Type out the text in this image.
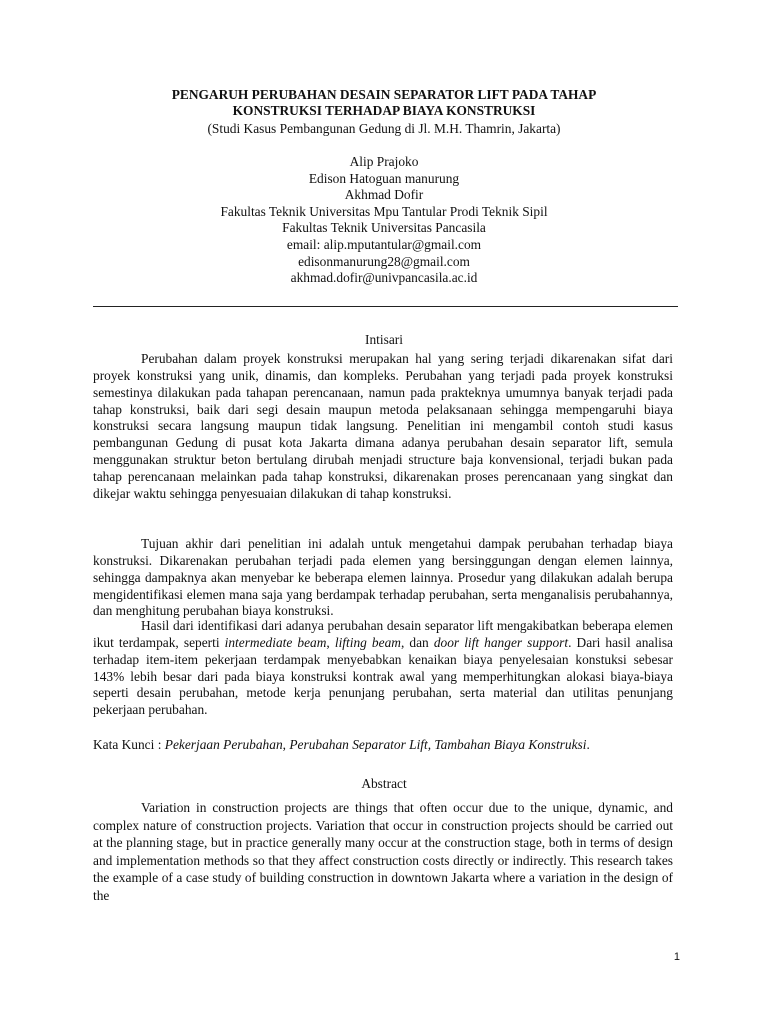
PENGARUH PERUBAHAN DESAIN SEPARATOR LIFT PADA TAHAP
KONSTRUKSI TERHADAP BIAYA KONSTRUKSI
(Studi Kasus Pembangunan Gedung di Jl. M.H. Thamrin, Jakarta)
Alip Prajoko
Edison Hatoguan manurung
Akhmad Dofir
Fakultas Teknik Universitas Mpu Tantular Prodi Teknik Sipil
Fakultas Teknik Universitas Pancasila
email: alip.mputantular@gmail.com
edisonmanurung28@gmail.com
akhmad.dofir@univpancasila.ac.id
Intisari
Perubahan dalam proyek konstruksi merupakan hal yang sering terjadi dikarenakan sifat dari proyek konstruksi yang unik, dinamis, dan kompleks. Perubahan yang terjadi pada proyek konstruksi semestinya dilakukan pada tahapan perencanaan, namun pada prakteknya umumnya banyak terjadi pada tahap konstruksi, baik dari segi desain maupun metoda pelaksanaan sehingga mempengaruhi biaya konstruksi secara langsung maupun tidak langsung. Penelitian ini mengambil contoh studi kasus pembangunan Gedung di pusat kota Jakarta dimana adanya perubahan desain separator lift, semula menggunakan struktur beton bertulang dirubah menjadi structure baja konvensional, terjadi bukan pada tahap perencanaan melainkan pada tahap konstruksi, dikarenakan proses perencanaan yang singkat dan dikejar waktu sehingga penyesuaian dilakukan di tahap konstruksi.
Tujuan akhir dari penelitian ini adalah untuk mengetahui dampak perubahan terhadap biaya konstruksi. Dikarenakan perubahan terjadi pada elemen yang bersinggungan dengan elemen lainnya, sehingga dampaknya akan menyebar ke beberapa elemen lainnya. Prosedur yang dilakukan adalah berupa mengidentifikasi elemen mana saja yang berdampak terhadap perubahan, serta menganalisis perubahannya, dan menghitung perubahan biaya konstruksi.
Hasil dari identifikasi dari adanya perubahan desain separator lift mengakibatkan beberapa elemen ikut terdampak, seperti intermediate beam, lifting beam, dan door lift hanger support. Dari hasil analisa terhadap item-item pekerjaan terdampak menyebabkan kenaikan biaya penyelesaian konstuksi sebesar 143% lebih besar dari pada biaya konstruksi kontrak awal yang memperhitungkan alokasi biaya-biaya seperti desain perubahan, metode kerja penunjang perubahan, serta material dan utilitas penunjang pekerjaan perubahan.
Kata Kunci : Pekerjaan Perubahan, Perubahan Separator Lift, Tambahan Biaya Konstruksi.
Abstract
Variation in construction projects are things that often occur due to the unique, dynamic, and complex nature of construction projects. Variation that occur in construction projects should be carried out at the planning stage, but in practice generally many occur at the construction stage, both in terms of design and implementation methods so that they affect construction costs directly or indirectly. This research takes the example of a case study of building construction in downtown Jakarta where a variation in the design of the
1
